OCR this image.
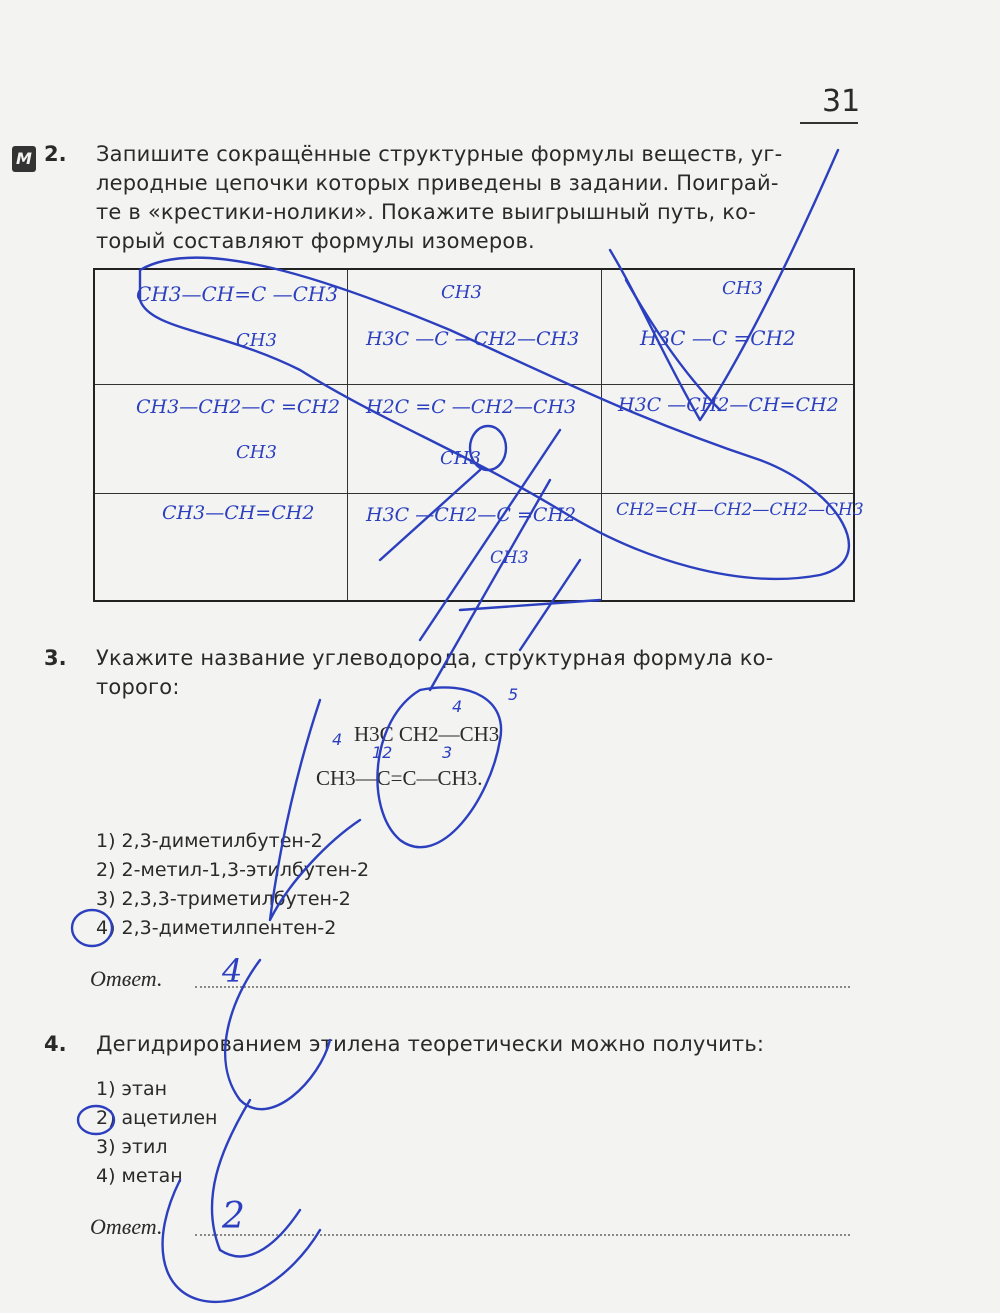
31
М 2. Запишите сокращённые структурные формулы веществ, уг-
леродные цепочки которых приведены в задании. Поиграй-
те в «крестики-нолики». Покажите выигрышный путь, ко-
торый составляют формулы изомеров.
CH3—CH=C —CH3
CH3
CH3
H3C —C —CH2—CH3
CH3
H3C —C =CH2
CH3—CH2—C =CH2
CH3
H2C =C —CH2—CH3
CH3
H3C —CH2—CH=CH2
CH3—CH=CH2	H3C —CH2—C =CH2
CH3
CH2=CH—CH2—CH2—CH3
3. Укажите название углеводорода, структурная формула ко-
торого:
H3C CH2—CH3
CH3—C=C—CH3.
1) 2,3-диметилбутен-2
2) 2-метил-1,3-этилбутен-2
3) 2,3,3-триметилбутен-2
4) 2,3-диметилпентен-2
Ответ. 4
4. Дегидрированием этилена теоретически можно получить:
1) этан
2) ацетилен
3) этил
4) метан
Ответ. 2
4
12	3
4
5
